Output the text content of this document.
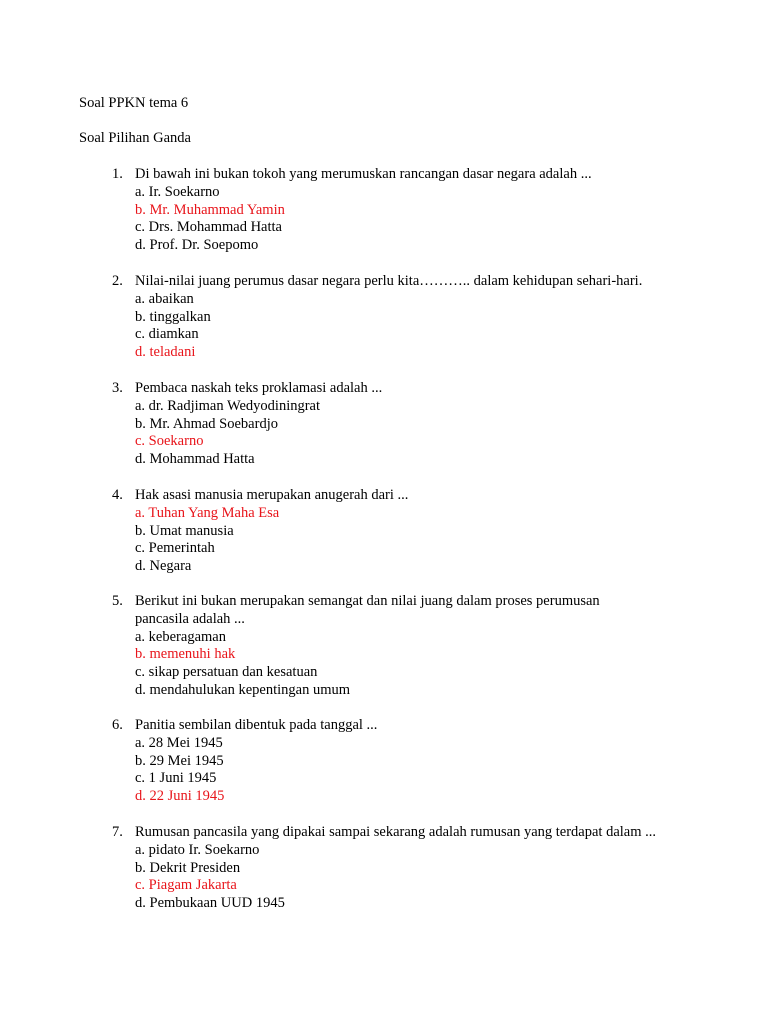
Soal PPKN tema 6
Soal Pilihan Ganda
1. Di bawah ini bukan tokoh yang merumuskan rancangan dasar negara adalah ...
a. Ir. Soekarno
b. Mr. Muhammad Yamin
c. Drs. Mohammad Hatta
d. Prof. Dr. Soepomo
2. Nilai-nilai juang perumus dasar negara perlu kita……….. dalam kehidupan sehari-hari.
a. abaikan
b. tinggalkan
c. diamkan
d. teladani
3. Pembaca naskah teks proklamasi adalah ...
a. dr. Radjiman Wedyodiningrat
b. Mr. Ahmad Soebardjo
c. Soekarno
d. Mohammad Hatta
4. Hak asasi manusia merupakan anugerah dari ...
a. Tuhan Yang Maha Esa
b. Umat manusia
c. Pemerintah
d. Negara
5. Berikut ini bukan merupakan semangat dan nilai juang dalam proses perumusan
pancasila adalah ...
a. keberagaman
b. memenuhi hak
c. sikap persatuan dan kesatuan
d. mendahulukan kepentingan umum
6. Panitia sembilan dibentuk pada tanggal ...
a. 28 Mei 1945
b. 29 Mei 1945
c. 1 Juni 1945
d. 22 Juni 1945
7. Rumusan pancasila yang dipakai sampai sekarang adalah rumusan yang terdapat dalam ...
a. pidato Ir. Soekarno
b. Dekrit Presiden
c. Piagam Jakarta
d. Pembukaan UUD 1945
